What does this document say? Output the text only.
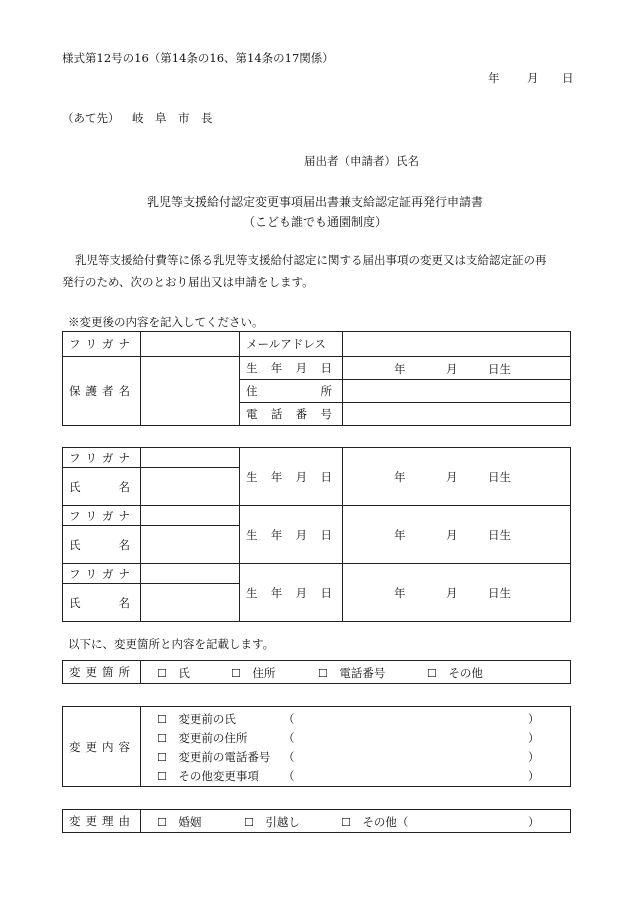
様式第12号の16（第14条の16、第14条の17関係）
年 月 日
（あて先） 岐　阜　市　長
届出者（申請者）氏名
乳児等支援給付認定変更事項届出書兼支給認定証再発行申請書
（こども誰でも通園制度）
乳児等支援給付費等に係る乳児等支援給付認定に関する届出事項の変更又は支給認定証の再
発行のため、次のとおり届出又は申請をします。
※変更後の内容を記入してください。
フ リ ガ ナ		メールアドレス	

保 護 者 名		生 年 月 日	年 月 日生

		住 所	

		電 話 番 号	

フ リ ガ ナ		生 年 月 日	年 月 日生

氏 名			

フ リ ガ ナ		生 年 月 日	年 月 日生

氏 名			

フ リ ガ ナ		生 年 月 日	年 月 日生

氏 名			

以下に、変更箇所と内容を記載します。
変 更 箇 所	☐　 氏	☐　 住所	☐　 電話番号	☐　 その他
変 更 内 容

☐　 変更前の氏	（	）
☐　 変更前の住所	（	）
☐　 変更前の電話番号 （	）
☐　 その他変更事項 （	）
変 更 理 由	☐　 婚姻	☐　 引越し	☐　 その他（	）
